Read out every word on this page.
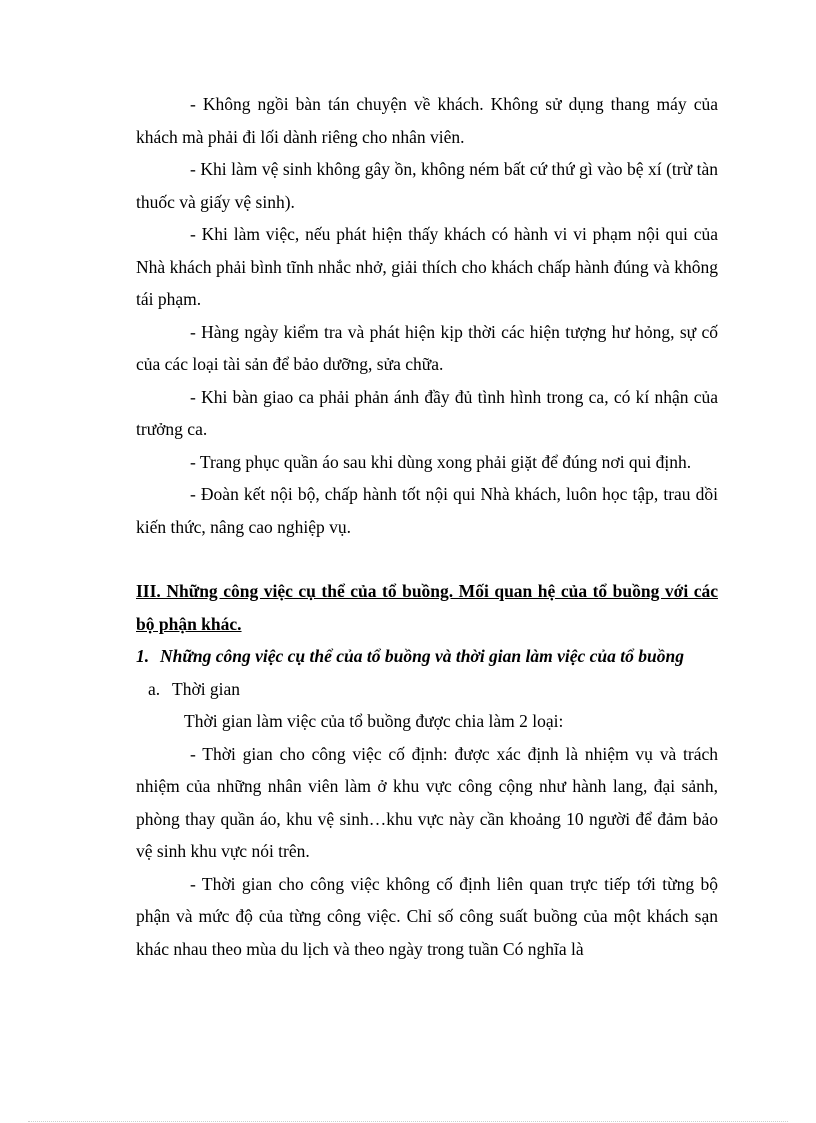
- Không ngồi bàn tán chuyện về khách. Không sử dụng thang máy của khách mà phải đi lối dành riêng cho nhân viên.

- Khi làm vệ sinh không gây ồn, không ném bất cứ thứ gì vào bệ xí (trừ tàn thuốc và giấy vệ sinh).

- Khi làm việc, nếu phát hiện thấy khách có hành vi vi phạm nội qui của Nhà khách phải bình tĩnh nhắc nhở, giải thích cho khách chấp hành đúng và không tái phạm.

- Hàng ngày kiểm tra và phát hiện kịp thời các hiện tượng hư hỏng, sự cố của các loại tài sản để bảo dưỡng, sửa chữa.

- Khi bàn giao ca phải phản ánh đầy đủ tình hình trong ca, có kí nhận của trưởng ca.

- Trang phục quần áo sau khi dùng xong phải giặt để đúng nơi qui định.

- Đoàn kết nội bộ, chấp hành tốt nội qui Nhà khách, luôn học tập, trau dồi kiến thức, nâng cao nghiệp vụ.

III. Những công việc cụ thể của tổ buồng. Mối quan hệ của tổ buồng với các bộ phận khác.

1. Những công việc cụ thể của tổ buồng và thời gian làm việc của tổ buồng
a. Thời gian

Thời gian làm việc của tổ buồng được chia làm 2 loại:

- Thời gian cho công việc cố định: được xác định là nhiệm vụ và trách nhiệm của những nhân viên làm ở khu vực công cộng như hành lang, đại sảnh, phòng thay quần áo, khu vệ sinh…khu vực này cần khoảng 10 người để đảm bảo vệ sinh khu vực nói trên.

- Thời gian cho công việc không cố định liên quan trực tiếp tới từng bộ phận và mức độ của từng công việc. Chỉ số công suất buồng của một khách sạn khác nhau theo mùa du lịch và theo ngày trong tuần Có nghĩa là
